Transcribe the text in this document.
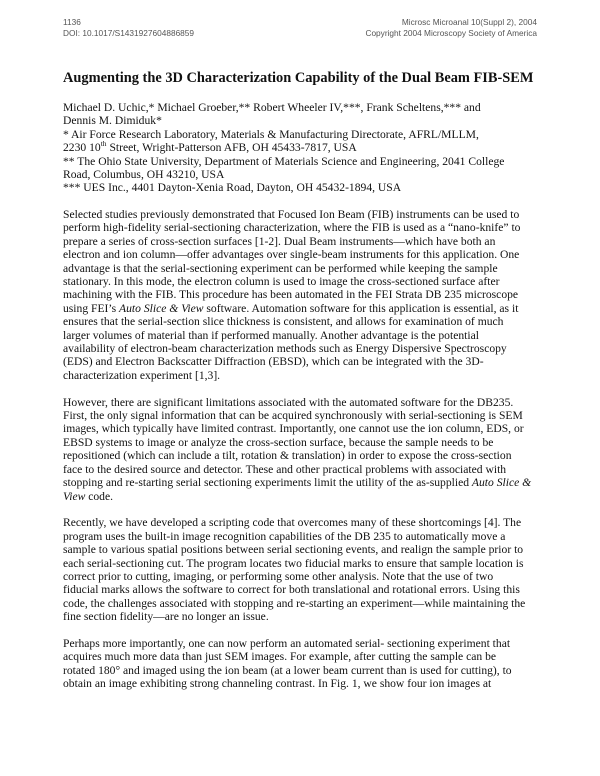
1136
DOI: 10.1017/S1431927604886859
Microsc Microanal 10(Suppl 2), 2004
Copyright 2004 Microscopy Society of America
Augmenting the 3D Characterization Capability of the Dual Beam FIB-SEM
Michael D. Uchic,* Michael Groeber,** Robert Wheeler IV,***, Frank Scheltens,*** and
Dennis M. Dimiduk*
* Air Force Research Laboratory, Materials & Manufacturing Directorate, AFRL/MLLM,
2230 10th Street, Wright-Patterson AFB, OH 45433-7817, USA
** The Ohio State University, Department of Materials Science and Engineering, 2041 College
Road, Columbus, OH 43210, USA
*** UES Inc., 4401 Dayton-Xenia Road, Dayton, OH 45432-1894, USA

Selected studies previously demonstrated that Focused Ion Beam (FIB) instruments can be used to
perform high-fidelity serial-sectioning characterization, where the FIB is used as a “nano-knife” to
prepare a series of cross-section surfaces [1-2]. Dual Beam instruments—which have both an
electron and ion column—offer advantages over single-beam instruments for this application. One
advantage is that the serial-sectioning experiment can be performed while keeping the sample
stationary. In this mode, the electron column is used to image the cross-sectioned surface after
machining with the FIB. This procedure has been automated in the FEI Strata DB 235 microscope
using FEI’s Auto Slice & View software. Automation software for this application is essential, as it
ensures that the serial-section slice thickness is consistent, and allows for examination of much
larger volumes of material than if performed manually. Another advantage is the potential
availability of electron-beam characterization methods such as Energy Dispersive Spectroscopy
(EDS) and Electron Backscatter Diffraction (EBSD), which can be integrated with the 3D-
characterization experiment [1,3].

However, there are significant limitations associated with the automated software for the DB235.
First, the only signal information that can be acquired synchronously with serial-sectioning is SEM
images, which typically have limited contrast. Importantly, one cannot use the ion column, EDS, or
EBSD systems to image or analyze the cross-section surface, because the sample needs to be
repositioned (which can include a tilt, rotation & translation) in order to expose the cross-section
face to the desired source and detector. These and other practical problems with associated with
stopping and re-starting serial sectioning experiments limit the utility of the as-supplied Auto Slice &
View code.

Recently, we have developed a scripting code that overcomes many of these shortcomings [4]. The
program uses the built-in image recognition capabilities of the DB 235 to automatically move a
sample to various spatial positions between serial sectioning events, and realign the sample prior to
each serial-sectioning cut. The program locates two fiducial marks to ensure that sample location is
correct prior to cutting, imaging, or performing some other analysis. Note that the use of two
fiducial marks allows the software to correct for both translational and rotational errors. Using this
code, the challenges associated with stopping and re-starting an experiment—while maintaining the
fine section fidelity—are no longer an issue.

Perhaps more importantly, one can now perform an automated serial- sectioning experiment that
acquires much more data than just SEM images. For example, after cutting the sample can be
rotated 180° and imaged using the ion beam (at a lower beam current than is used for cutting), to
obtain an image exhibiting strong channeling contrast. In Fig. 1, we show four ion images at
